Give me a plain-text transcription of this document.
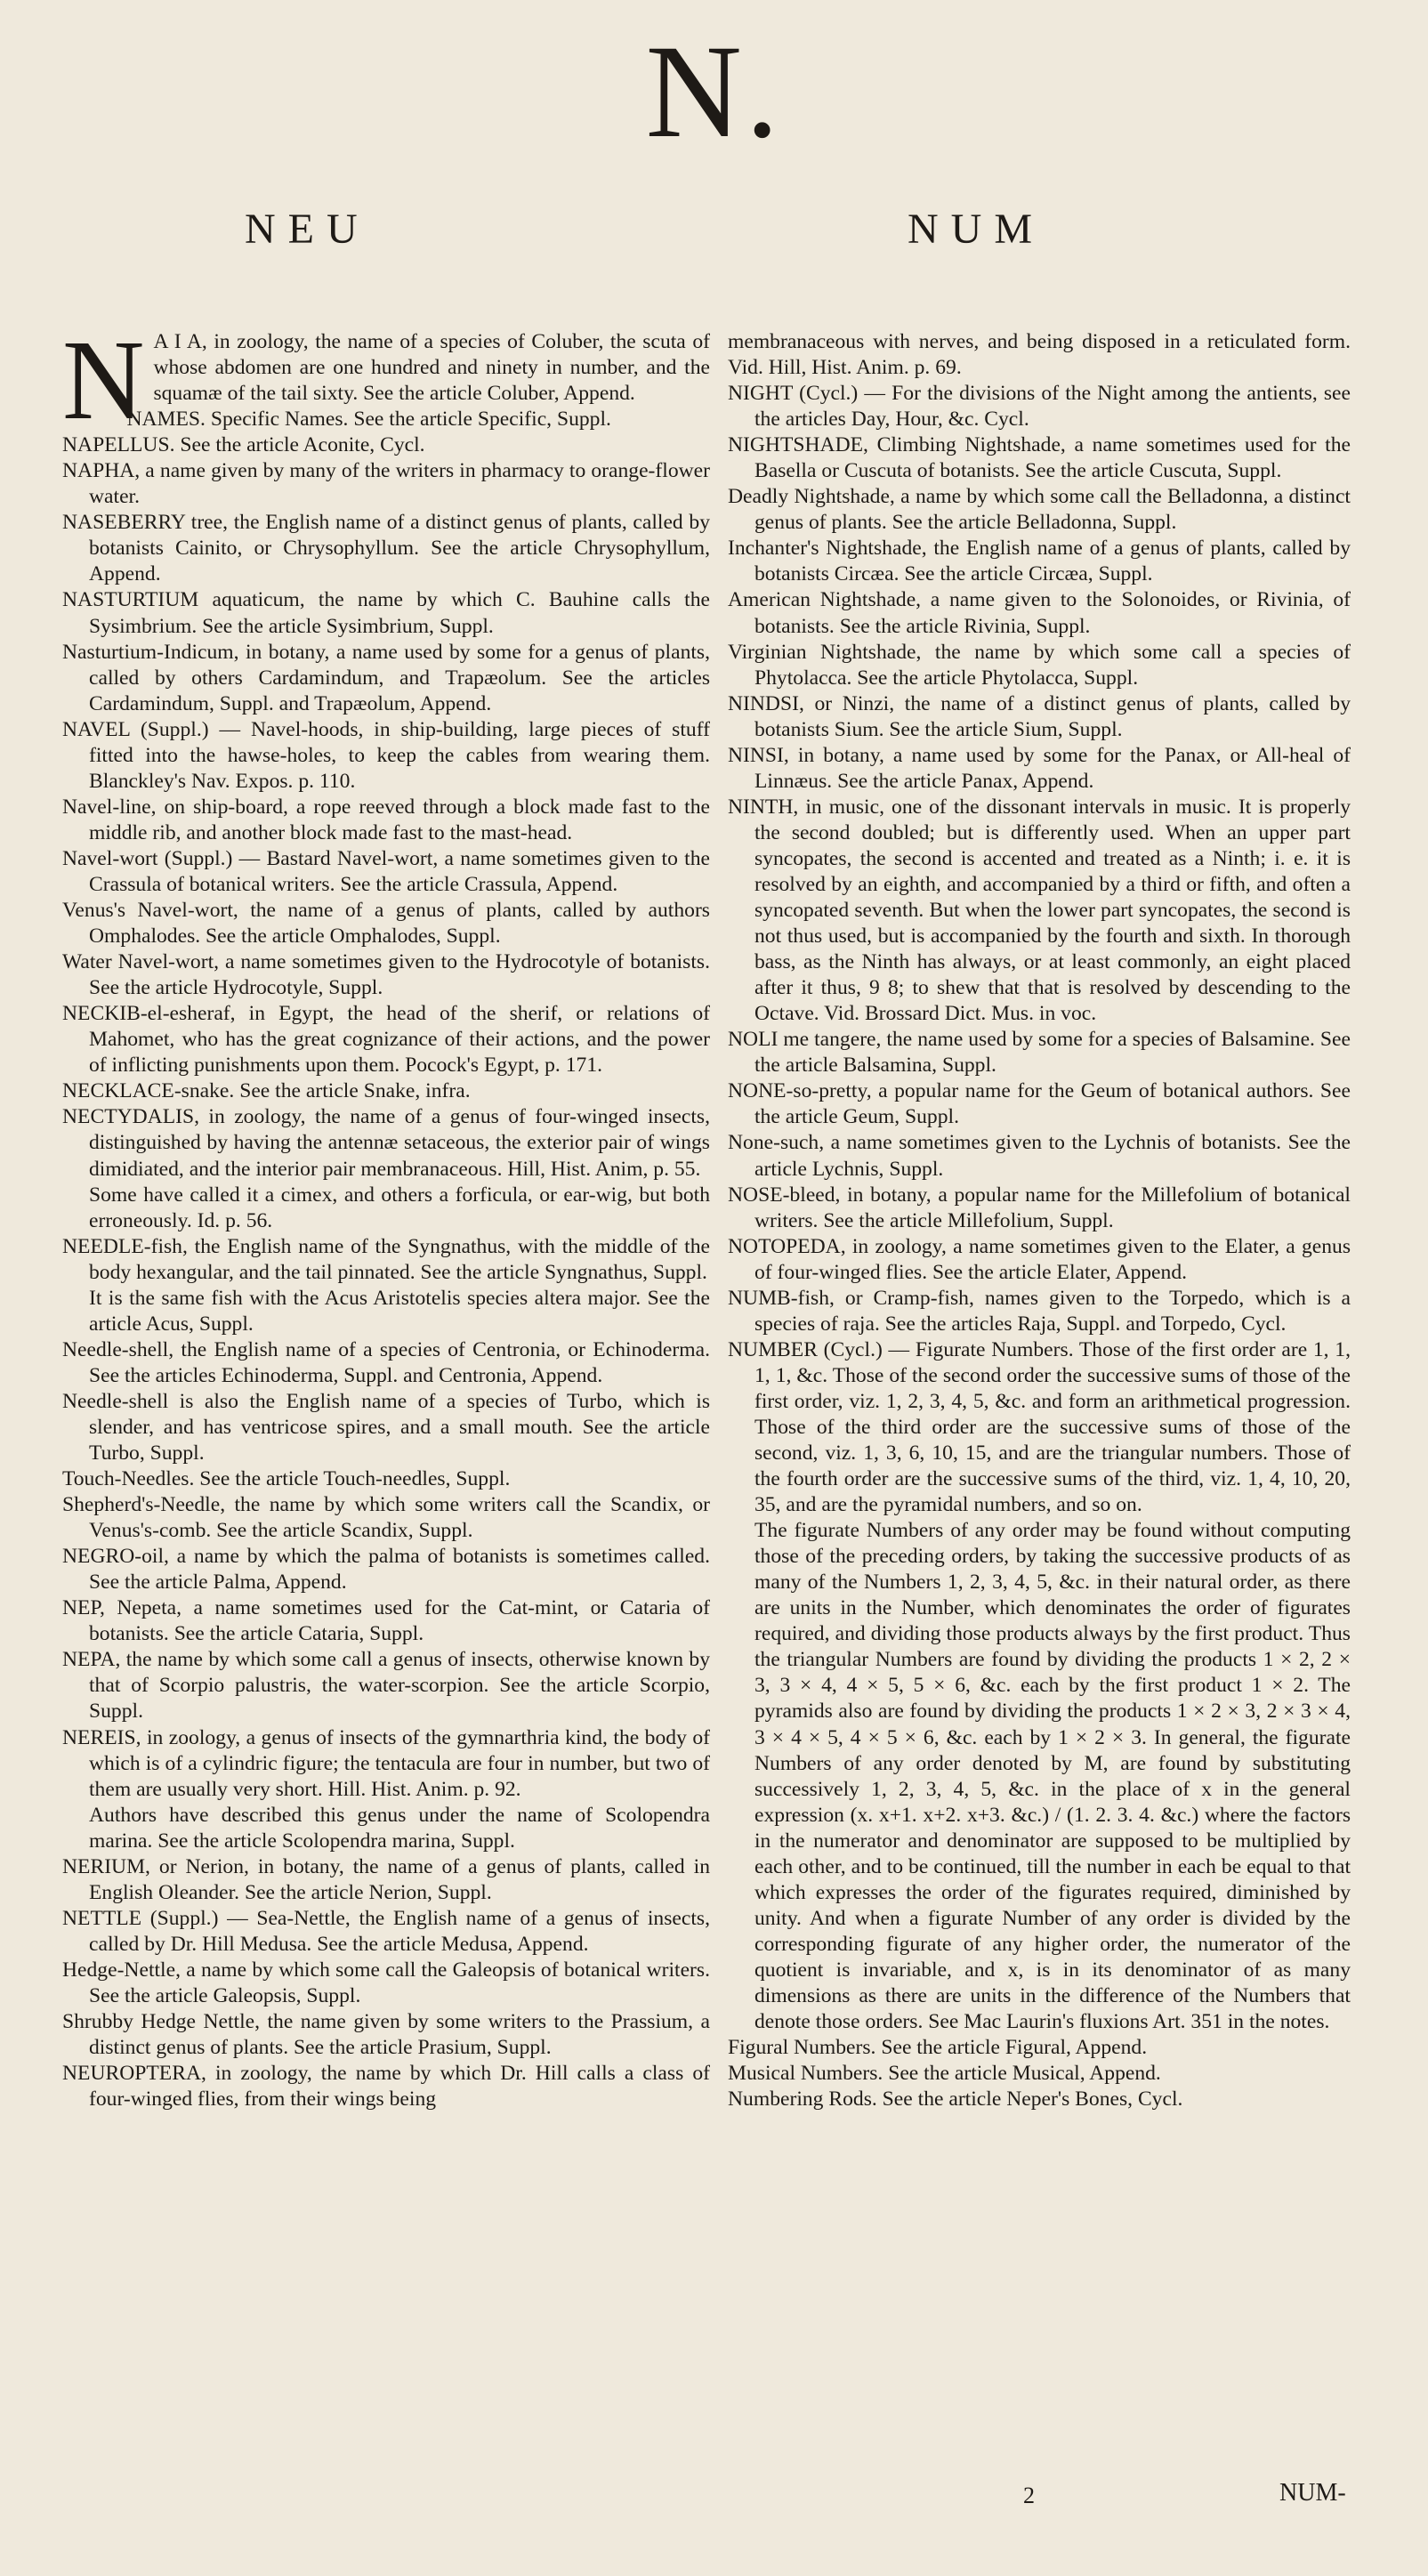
N.
NEU	NUM

N A I A, in zoology, the name of a species of Coluber, the scuta of whose abdomen are one hundred and ninety in number, and the squamæ of the tail sixty. See the article Coluber, Append.

NAMES. Specific Names. See the article Specific, Suppl.

NAPELLUS. See the article Aconite, Cycl.

NAPHA, a name given by many of the writers in pharmacy to orange-flower water.

NASEBERRY tree, the English name of a distinct genus of plants, called by botanists Cainito, or Chrysophyllum. See the article Chrysophyllum, Append.

NASTURTIUM aquaticum, the name by which C. Bauhine calls the Sysimbrium. See the article Sysimbrium, Suppl.

Nasturtium-Indicum, in botany, a name used by some for a genus of plants, called by others Cardamindum, and Trapæolum. See the articles Cardamindum, Suppl. and Trapæolum, Append.

NAVEL (Suppl.) — Navel-hoods, in ship-building, large pieces of stuff fitted into the hawse-holes, to keep the cables from wearing them. Blanckley's Nav. Expos. p. 110.

Navel-line, on ship-board, a rope reeved through a block made fast to the middle rib, and another block made fast to the mast-head.

Navel-wort (Suppl.) — Bastard Navel-wort, a name sometimes given to the Crassula of botanical writers. See the article Crassula, Append.

Venus's Navel-wort, the name of a genus of plants, called by authors Omphalodes. See the article Omphalodes, Suppl.

Water Navel-wort, a name sometimes given to the Hydrocotyle of botanists. See the article Hydrocotyle, Suppl.

NECKIB-el-esheraf, in Egypt, the head of the sherif, or relations of Mahomet, who has the great cognizance of their actions, and the power of inflicting punishments upon them. Pocock's Egypt, p. 171.

NECKLACE-snake. See the article Snake, infra.

NECTYDALIS, in zoology, the name of a genus of four-winged insects, distinguished by having the antennæ setaceous, the exterior pair of wings dimidiated, and the interior pair membranaceous. Hill, Hist. Anim, p. 55.

Some have called it a cimex, and others a forficula, or ear-wig, but both erroneously. Id. p. 56.

NEEDLE-fish, the English name of the Syngnathus, with the middle of the body hexangular, and the tail pinnated. See the article Syngnathus, Suppl.

It is the same fish with the Acus Aristotelis species altera major. See the article Acus, Suppl.

Needle-shell, the English name of a species of Centronia, or Echinoderma. See the articles Echinoderma, Suppl. and Centronia, Append.

Needle-shell is also the English name of a species of Turbo, which is slender, and has ventricose spires, and a small mouth. See the article Turbo, Suppl.

Touch-Needles. See the article Touch-needles, Suppl.

Shepherd's-Needle, the name by which some writers call the Scandix, or Venus's-comb. See the article Scandix, Suppl.

NEGRO-oil, a name by which the palma of botanists is sometimes called. See the article Palma, Append.

NEP, Nepeta, a name sometimes used for the Cat-mint, or Cataria of botanists. See the article Cataria, Suppl.

NEPA, the name by which some call a genus of insects, otherwise known by that of Scorpio palustris, the water-scorpion. See the article Scorpio, Suppl.

NEREIS, in zoology, a genus of insects of the gymnarthria kind, the body of which is of a cylindric figure; the tentacula are four in number, but two of them are usually very short. Hill. Hist. Anim. p. 92.

Authors have described this genus under the name of Scolopendra marina. See the article Scolopendra marina, Suppl.

NERIUM, or Nerion, in botany, the name of a genus of plants, called in English Oleander. See the article Nerion, Suppl.

NETTLE (Suppl.) — Sea-Nettle, the English name of a genus of insects, called by Dr. Hill Medusa. See the article Medusa, Append.

Hedge-Nettle, a name by which some call the Galeopsis of botanical writers. See the article Galeopsis, Suppl.

Shrubby Hedge Nettle, the name given by some writers to the Prassium, a distinct genus of plants. See the article Prasium, Suppl.

NEUROPTERA, in zoology, the name by which Dr. Hill calls a class of four-winged flies, from their wings being

membranaceous with nerves, and being disposed in a reticulated form. Vid. Hill, Hist. Anim. p. 69.

NIGHT (Cycl.) — For the divisions of the Night among the antients, see the articles Day, Hour, &c. Cycl.

NIGHTSHADE, Climbing Nightshade, a name sometimes used for the Basella or Cuscuta of botanists. See the article Cuscuta, Suppl.

Deadly Nightshade, a name by which some call the Belladonna, a distinct genus of plants. See the article Belladonna, Suppl.

Inchanter's Nightshade, the English name of a genus of plants, called by botanists Circæa. See the article Circæa, Suppl.

American Nightshade, a name given to the Solonoides, or Rivinia, of botanists. See the article Rivinia, Suppl.

Virginian Nightshade, the name by which some call a species of Phytolacca. See the article Phytolacca, Suppl.

NINDSI, or Ninzi, the name of a distinct genus of plants, called by botanists Sium. See the article Sium, Suppl.

NINSI, in botany, a name used by some for the Panax, or All-heal of Linnæus. See the article Panax, Append.

NINTH, in music, one of the dissonant intervals in music. It is properly the second doubled; but is differently used. When an upper part syncopates, the second is accented and treated as a Ninth; i. e. it is resolved by an eighth, and accompanied by a third or fifth, and often a syncopated seventh. But when the lower part syncopates, the second is not thus used, but is accompanied by the fourth and sixth. In thorough bass, as the Ninth has always, or at least commonly, an eight placed after it thus, 9 8; to shew that that is resolved by descending to the Octave. Vid. Brossard Dict. Mus. in voc.

NOLI me tangere, the name used by some for a species of Balsamine. See the article Balsamina, Suppl.

NONE-so-pretty, a popular name for the Geum of botanical authors. See the article Geum, Suppl.

None-such, a name sometimes given to the Lychnis of botanists. See the article Lychnis, Suppl.

NOSE-bleed, in botany, a popular name for the Millefolium of botanical writers. See the article Millefolium, Suppl.

NOTOPEDA, in zoology, a name sometimes given to the Elater, a genus of four-winged flies. See the article Elater, Append.

NUMB-fish, or Cramp-fish, names given to the Torpedo, which is a species of raja. See the articles Raja, Suppl. and Torpedo, Cycl.

NUMBER (Cycl.) — Figurate Numbers. Those of the first order are 1, 1, 1, 1, &c. Those of the second order the successive sums of those of the first order, viz. 1, 2, 3, 4, 5, &c. and form an arithmetical progression. Those of the third order are the successive sums of those of the second, viz. 1, 3, 6, 10, 15, and are the triangular numbers. Those of the fourth order are the successive sums of the third, viz. 1, 4, 10, 20, 35, and are the pyramidal numbers, and so on.

The figurate Numbers of any order may be found without computing those of the preceding orders, by taking the successive products of as many of the Numbers 1, 2, 3, 4, 5, &c. in their natural order, as there are units in the Number, which denominates the order of figurates required, and dividing those products always by the first product. Thus the triangular Numbers are found by dividing the products 1 × 2, 2 × 3, 3 × 4, 4 × 5, 5 × 6, &c. each by the first product 1 × 2. The pyramids also are found by dividing the products 1 × 2 × 3, 2 × 3 × 4, 3 × 4 × 5, 4 × 5 × 6, &c. each by 1 × 2 × 3. In general, the figurate Numbers of any order denoted by M, are found by substituting successively 1, 2, 3, 4, 5, &c. in the place of x in the general expression (x. x+1. x+2. x+3. &c.) / (1. 2. 3. 4. &c.) where the factors in the numerator and denominator are supposed to be multiplied by each other, and to be continued, till the number in each be equal to that which expresses the order of the figurates required, diminished by unity. And when a figurate Number of any order is divided by the corresponding figurate of any higher order, the numerator of the quotient is invariable, and x, is in its denominator of as many dimensions as there are units in the difference of the Numbers that denote those orders. See Mac Laurin's fluxions Art. 351 in the notes.

Figural Numbers. See the article Figural, Append.

Musical Numbers. See the article Musical, Append.

Numbering Rods. See the article Neper's Bones, Cycl.

2	NUM-
